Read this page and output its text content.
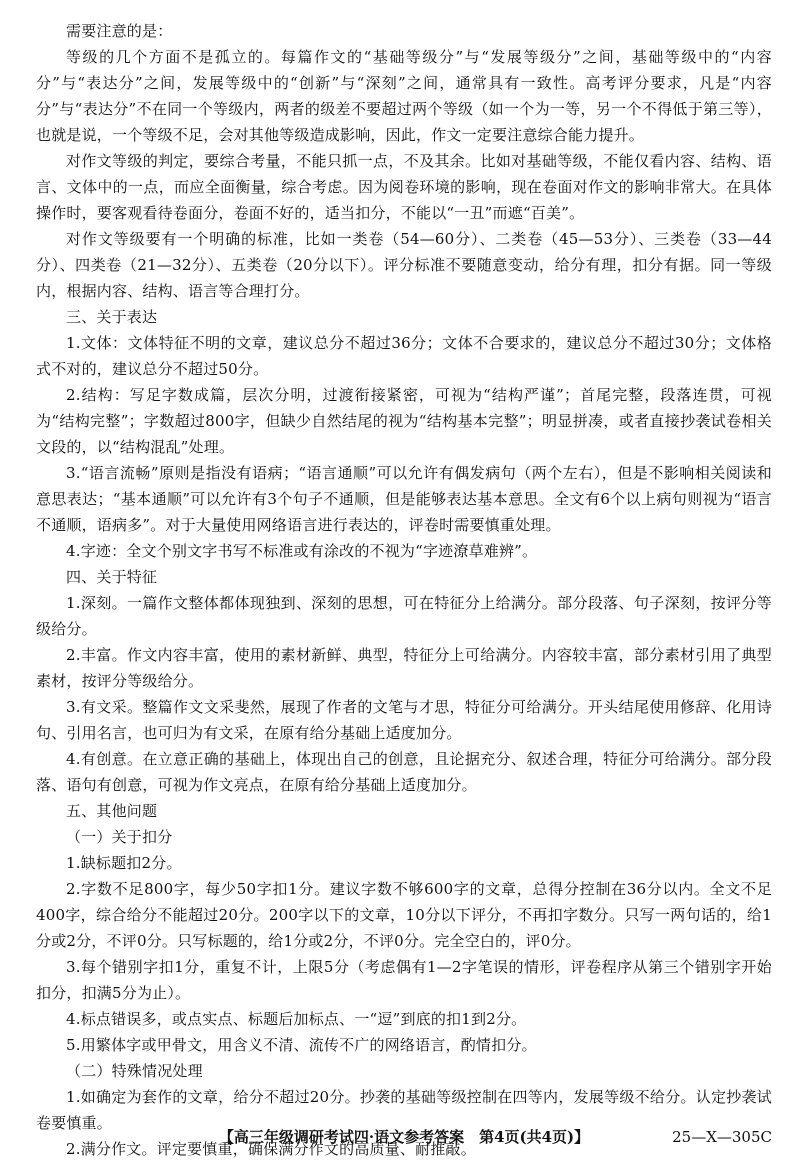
需要注意的是：

等级的几个方面不是孤立的。每篇作文的“基础等级分”与“发展等级分”之间，基础等级中的“内容分”与“表达分”之间，发展等级中的“创新”与“深刻”之间，通常具有一致性。高考评分要求，凡是“内容分”与“表达分”不在同一个等级内，两者的级差不要超过两个等级（如一个为一等，另一个不得低于第三等），也就是说，一个等级不足，会对其他等级造成影响，因此，作文一定要注意综合能力提升。

对作文等级的判定，要综合考量，不能只抓一点，不及其余。比如对基础等级，不能仅看内容、结构、语言、文体中的一点，而应全面衡量，综合考虑。因为阅卷环境的影响，现在卷面对作文的影响非常大。在具体操作时，要客观看待卷面分，卷面不好的，适当扣分，不能以“一丑”而遮“百美”。

对作文等级要有一个明确的标准，比如一类卷（54—60分）、二类卷（45—53分）、三类卷（33—44分）、四类卷（21—32分）、五类卷（20分以下）。评分标准不要随意变动，给分有理，扣分有据。同一等级内，根据内容、结构、语言等合理打分。

三、关于表达

1.文体：文体特征不明的文章，建议总分不超过36分；文体不合要求的，建议总分不超过30分；文体格式不对的，建议总分不超过50分。

2.结构：写足字数成篇，层次分明，过渡衔接紧密，可视为“结构严谨”；首尾完整，段落连贯，可视为“结构完整”；字数超过800字，但缺少自然结尾的视为“结构基本完整”；明显拼凑，或者直接抄袭试卷相关文段的，以“结构混乱”处理。

3.“语言流畅”原则是指没有语病；“语言通顺”可以允许有偶发病句（两个左右），但是不影响相关阅读和意思表达；“基本通顺”可以允许有3个句子不通顺，但是能够表达基本意思。全文有6个以上病句则视为“语言不通顺，语病多”。对于大量使用网络语言进行表达的，评卷时需要慎重处理。

4.字迹：全文个别文字书写不标准或有涂改的不视为“字迹潦草难辨”。

四、关于特征

1.深刻。一篇作文整体都体现独到、深刻的思想，可在特征分上给满分。部分段落、句子深刻，按评分等级给分。

2.丰富。作文内容丰富，使用的素材新鲜、典型，特征分上可给满分。内容较丰富，部分素材引用了典型素材，按评分等级给分。

3.有文采。整篇作文文采斐然，展现了作者的文笔与才思，特征分可给满分。开头结尾使用修辞、化用诗句、引用名言，也可归为有文采，在原有给分基础上适度加分。

4.有创意。在立意正确的基础上，体现出自己的创意，且论据充分、叙述合理，特征分可给满分。部分段落、语句有创意，可视为作文亮点，在原有给分基础上适度加分。

五、其他问题

（一）关于扣分

1.缺标题扣2分。

2.字数不足800字，每少50字扣1分。建议字数不够600字的文章，总得分控制在36分以内。全文不足400字，综合给分不能超过20分。200字以下的文章，10分以下评分，不再扣字数分。只写一两句话的，给1分或2分，不评0分。只写标题的，给1分或2分，不评0分。完全空白的，评0分。

3.每个错别字扣1分，重复不计，上限5分（考虑偶有1—2字笔误的情形，评卷程序从第三个错别字开始扣分，扣满5分为止）。

4.标点错误多，或点实点、标题后加标点、一“逗”到底的扣1到2分。

5.用繁体字或甲骨文，用含义不清、流传不广的网络语言，酌情扣分。

（二）特殊情况处理

1.如确定为套作的文章，给分不超过20分。抄袭的基础等级控制在四等内，发展等级不给分。认定抄袭试卷要慎重。

2.满分作文。评定要慎重，确保满分作文的高质量、耐推敲。

【高三年级调研考试四·语文参考答案　第4页(共4页)】	25—X—305C
